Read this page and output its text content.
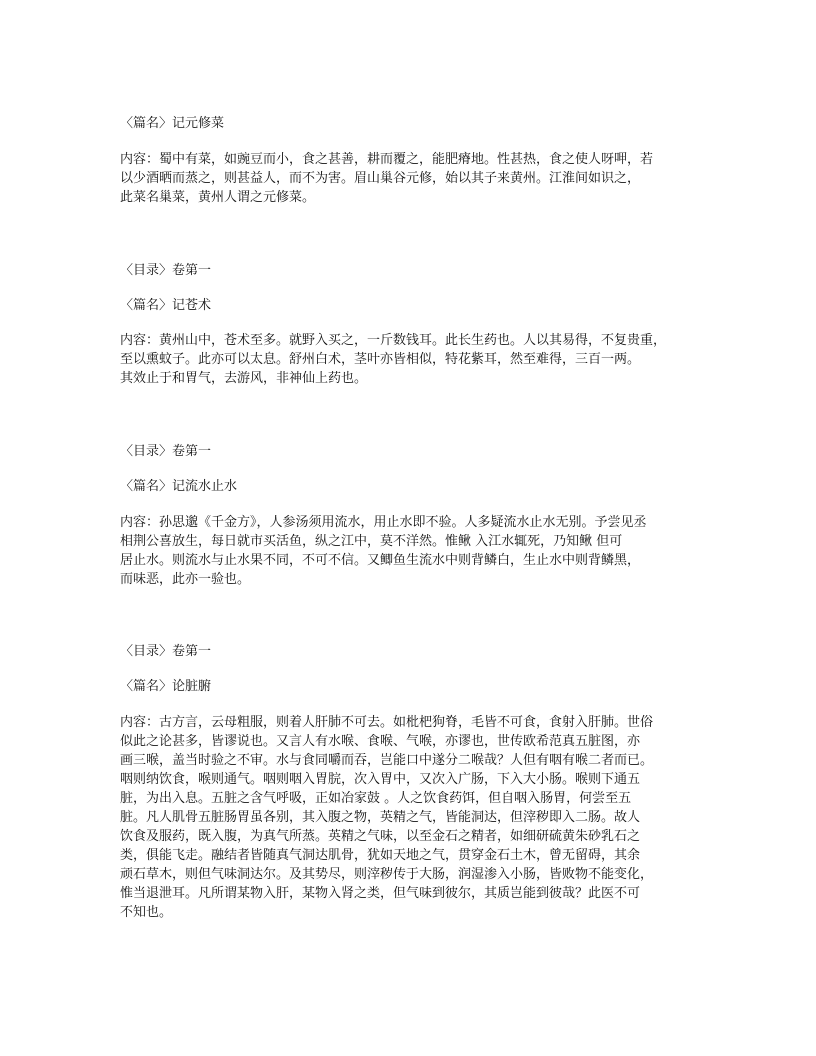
〈篇名〉记元修菜

内容：蜀中有菜，如豌豆而小，食之甚善，耕而覆之，能肥瘠地。性甚热，食之使人呀呷，若

以少酒晒而蒸之，则甚益人，而不为害。眉山巢谷元修，始以其子来黄州。江淮间如识之，

此菜名巢菜，黄州人谓之元修菜。

〈目录〉卷第一

〈篇名〉记苍术

内容：黄州山中，苍术至多。就野入买之，一斤数钱耳。此长生药也。人以其易得，不复贵重，

至以熏蚊子。此亦可以太息。舒州白术，茎叶亦皆相似，特花紫耳，然至难得，三百一两。

其效止于和胃气，去游风，非神仙上药也。

〈目录〉卷第一

〈篇名〉记流水止水

内容：孙思邈《千金方》，人参汤须用流水，用止水即不验。人多疑流水止水无别。予尝见丞

相荆公喜放生，每日就市买活鱼，纵之江中，莫不洋然。惟鳅 入江水辄死，乃知鳅 但可

居止水。则流水与止水果不同，不可不信。又鲫鱼生流水中则背鳞白，生止水中则背鳞黑，

而味恶，此亦一验也。

〈目录〉卷第一

〈篇名〉论脏腑

内容：古方言，云母粗服，则着人肝肺不可去。如枇杷狗脊，毛皆不可食，食射入肝肺。世俗

似此之论甚多，皆谬说也。又言人有水喉、食喉、气喉，亦谬也，世传欧希范真五脏图，亦

画三喉，盖当时验之不审。水与食同嚼而吞，岂能口中遂分二喉哉？人但有咽有喉二者而已。

咽则纳饮食，喉则通气。咽则咽入胃脘，次入胃中，又次入广肠，下入大小肠。喉则下通五

脏，为出入息。五脏之含气呼吸，正如冶家鼓 。人之饮食药饵，但自咽入肠胃，何尝至五

脏。凡人肌骨五脏肠胃虽各别，其入腹之物，英精之气，皆能洞达，但滓秽即入二肠。故人

饮食及服药，既入腹，为真气所蒸。英精之气味，以至金石之精者，如细研硫黄朱砂乳石之

类，俱能飞走。融结者皆随真气洞达肌骨，犹如天地之气，贯穿金石土木，曾无留碍，其余

顽石草木，则但气味洞达尔。及其势尽，则滓秽传于大肠，润湿渗入小肠，皆败物不能变化，

惟当退泄耳。凡所谓某物入肝，某物入肾之类，但气味到彼尔，其质岂能到彼哉？此医不可

不知也。
